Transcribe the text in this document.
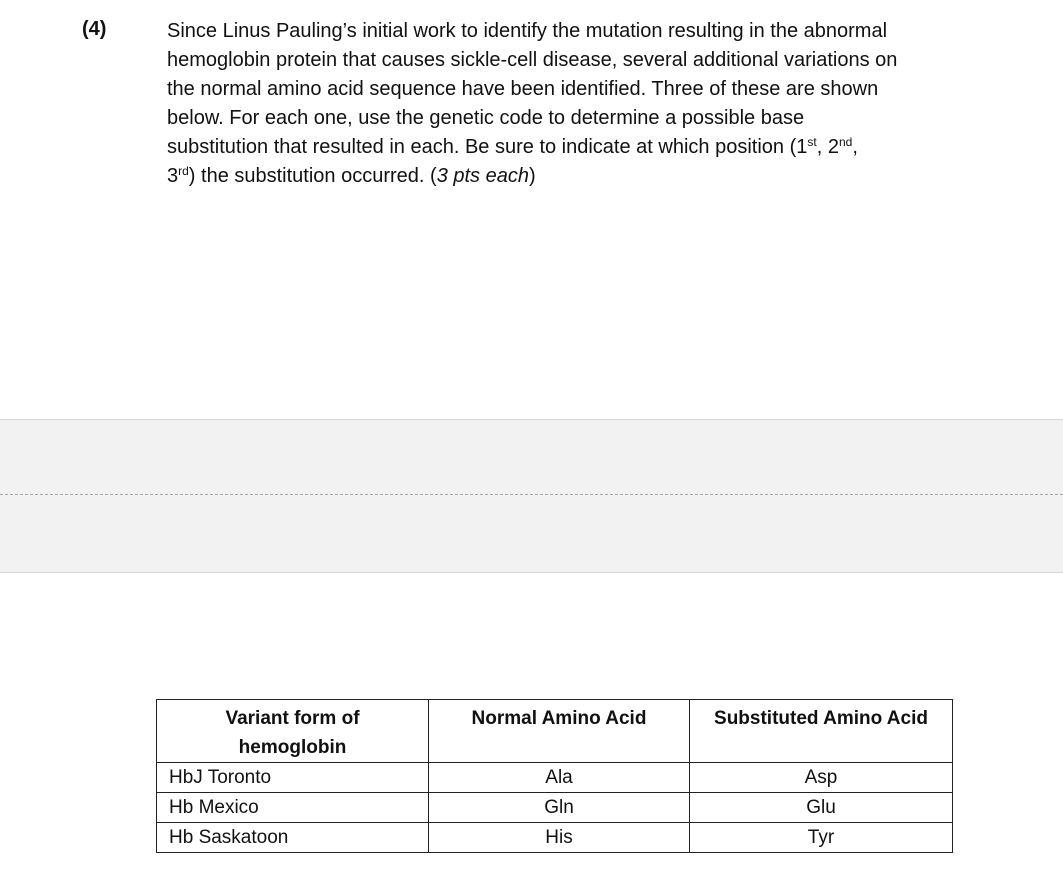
(4)	Since Linus Pauling’s initial work to identify the mutation resulting in the abnormal
hemoglobin protein that causes sickle-cell disease, several additional variations on
the normal amino acid sequence have been identified. Three of these are shown
below. For each one, use the genetic code to determine a possible base
substitution that resulted in each. Be sure to indicate at which position (1st, 2nd,
3rd) the substitution occurred. (3 pts each)
Variant form of
hemoglobin	Normal Amino Acid	Substituted Amino Acid
HbJ Toronto	Ala	Asp
Hb Mexico	Gln	Glu
Hb Saskatoon	His	Tyr
